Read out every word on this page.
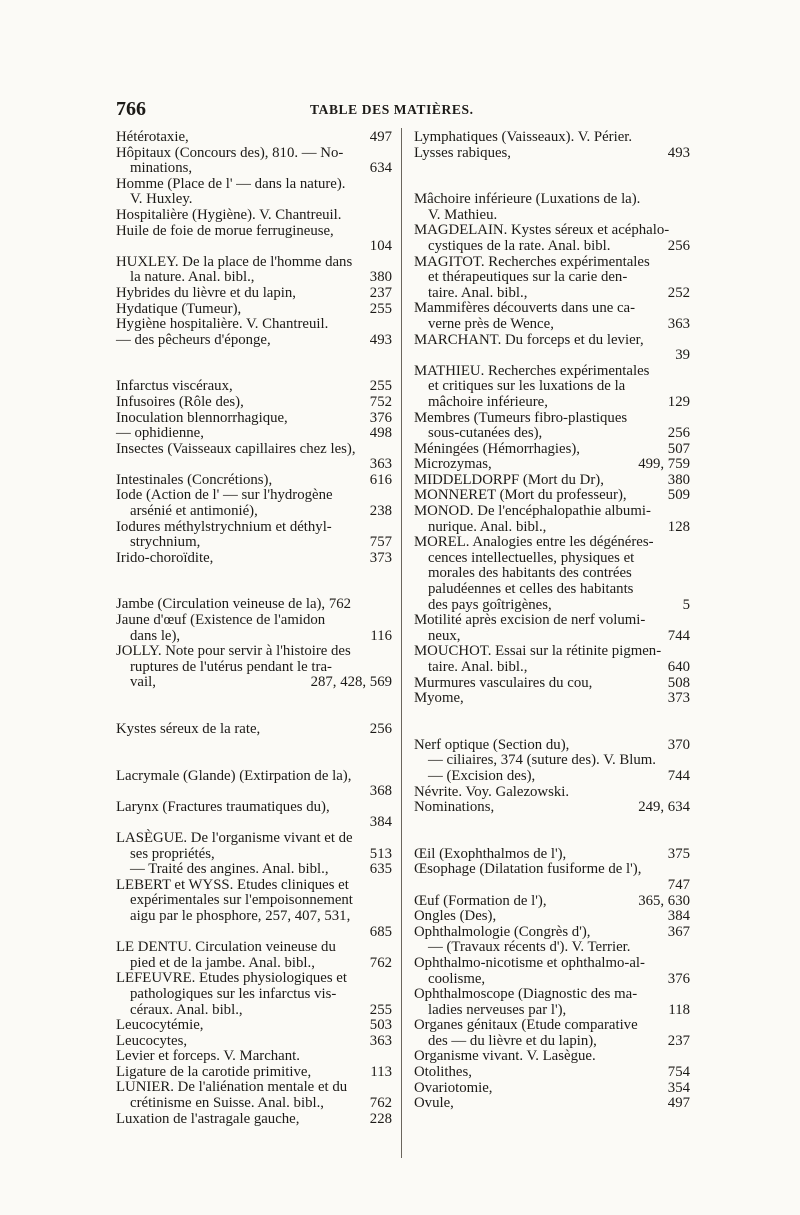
766	TABLE DES MATIÈRES.
Hétérotaxie,	497
Hôpitaux (Concours des), 810. — No-
minations,	634
Homme (Place de l' — dans la nature).
V. Huxley.
Hospitalière (Hygiène). V. Chantreuil.
Huile de foie de morue ferrugineuse,
104
HUXLEY. De la place de l'homme dans
la nature. Anal. bibl.,	380
Hybrides du lièvre et du lapin,	237
Hydatique (Tumeur),	255
Hygiène hospitalière. V. Chantreuil.
— des pêcheurs d'éponge,	493
Infarctus viscéraux,	255
Infusoires (Rôle des),	752
Inoculation blennorrhagique,	376
— ophidienne,	498
Insectes (Vaisseaux capillaires chez les),
363
Intestinales (Concrétions),	616
Iode (Action de l' — sur l'hydrogène
arsénié et antimonié),	238
Iodures méthylstrychnium et déthyl-
strychnium,	757
Irido-choroïdite,	373
Jambe (Circulation veineuse de la), 762
Jaune d'œuf (Existence de l'amidon
dans le),	116
JOLLY. Note pour servir à l'histoire des
ruptures de l'utérus pendant le tra-
vail,	287, 428, 569
Kystes séreux de la rate,	256
Lacrymale (Glande) (Extirpation de la),
368
Larynx (Fractures traumatiques du),
384
LASÈGUE. De l'organisme vivant et de
ses propriétés,	513
— Traité des angines. Anal. bibl.,	635
LEBERT et WYSS. Etudes cliniques et
expérimentales sur l'empoisonnement
aigu par le phosphore, 257, 407, 531,
685
LE DENTU. Circulation veineuse du
pied et de la jambe. Anal. bibl.,	762
LEFEUVRE. Etudes physiologiques et
pathologiques sur les infarctus vis-
céraux. Anal. bibl.,	255
Leucocytémie,	503
Leucocytes,	363
Levier et forceps. V. Marchant.
Ligature de la carotide primitive,	113
LUNIER. De l'aliénation mentale et du
crétinisme en Suisse. Anal. bibl.,	762
Luxation de l'astragale gauche,	228
Lymphatiques (Vaisseaux). V. Périer.
Lysses rabiques,	493
Mâchoire inférieure (Luxations de la).
V. Mathieu.
MAGDELAIN. Kystes séreux et acéphalo-
cystiques de la rate. Anal. bibl.	256
MAGITOT. Recherches expérimentales
et thérapeutiques sur la carie den-
taire. Anal. bibl.,	252
Mammifères découverts dans une ca-
verne près de Wence,	363
MARCHANT. Du forceps et du levier,
39
MATHIEU. Recherches expérimentales
et critiques sur les luxations de la
mâchoire inférieure,	129
Membres (Tumeurs fibro-plastiques
sous-cutanées des),	256
Méningées (Hémorrhagies),	507
Microzymas,	499, 759
MIDDELDORPF (Mort du Dr),	380
MONNERET (Mort du professeur),	509
MONOD. De l'encéphalopathie albumi-
nurique. Anal. bibl.,	128
MOREL. Analogies entre les dégénéres-
cences intellectuelles, physiques et
morales des habitants des contrées
paludéennes et celles des habitants
des pays goîtrigènes,	5
Motilité après excision de nerf volumi-
neux,	744
MOUCHOT. Essai sur la rétinite pigmen-
taire. Anal. bibl.,	640
Murmures vasculaires du cou,	508
Myome,	373
Nerf optique (Section du),	370
— ciliaires, 374 (suture des). V. Blum.
— (Excision des),	744
Névrite. Voy. Galezowski.
Nominations,	249, 634
Œil (Exophthalmos de l'),	375
Œsophage (Dilatation fusiforme de l'),
747
Œuf (Formation de l'),	365, 630
Ongles (Des),	384
Ophthalmologie (Congrès d'),	367
— (Travaux récents d'). V. Terrier.
Ophthalmo-nicotisme et ophthalmo-al-
coolisme,	376
Ophthalmoscope (Diagnostic des ma-
ladies nerveuses par l'),	118
Organes génitaux (Etude comparative
des — du lièvre et du lapin),	237
Organisme vivant. V. Lasègue.
Otolithes,	754
Ovariotomie,	354
Ovule,	497
